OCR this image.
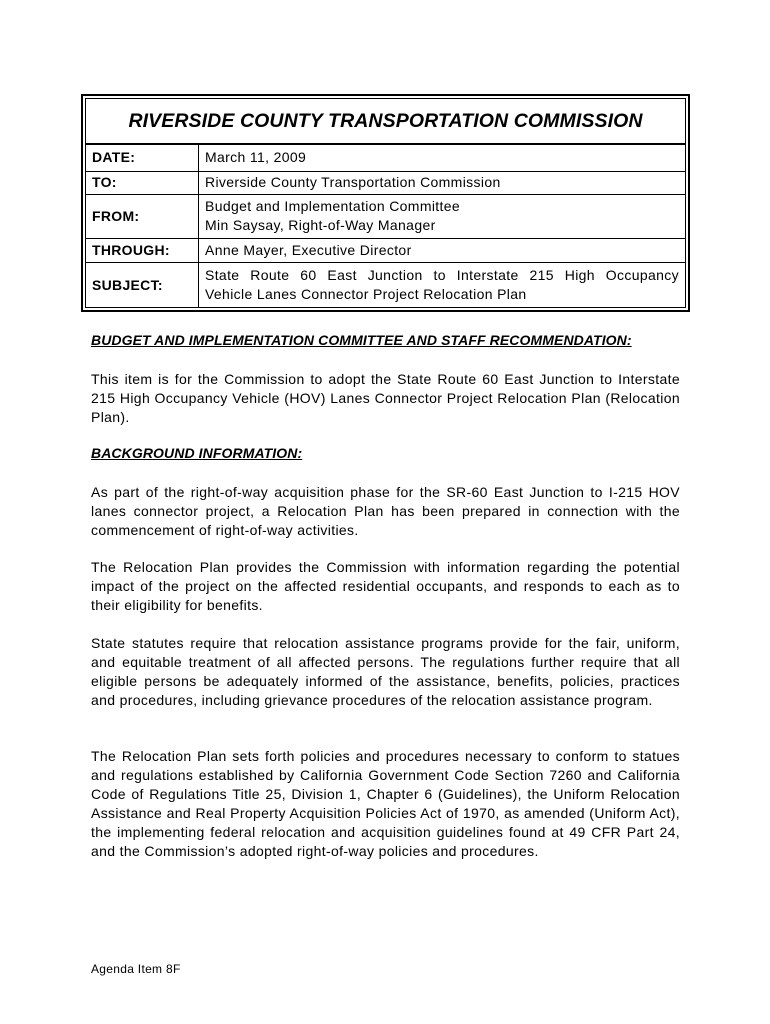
RIVERSIDE COUNTY TRANSPORTATION COMMISSION
DATE:	March 11, 2009
TO:	Riverside County Transportation Commission
FROM:	Budget and Implementation Committee
Min Saysay, Right-of-Way Manager

THROUGH:	Anne Mayer, Executive Director
SUBJECT:	State Route 60 East Junction to Interstate 215 High Occupancy
Vehicle Lanes Connector Project Relocation Plan
BUDGET AND IMPLEMENTATION COMMITTEE AND STAFF RECOMMENDATION:

This item is for the Commission to adopt the State Route 60 East Junction to Interstate 215 High Occupancy Vehicle (HOV) Lanes Connector Project Relocation Plan (Relocation Plan).

BACKGROUND INFORMATION:

As part of the right-of-way acquisition phase for the SR-60 East Junction to I-215 HOV lanes connector project, a Relocation Plan has been prepared in connection with the commencement of right-of-way activities.

The Relocation Plan provides the Commission with information regarding the potential impact of the project on the affected residential occupants, and responds to each as to their eligibility for benefits.

State statutes require that relocation assistance programs provide for the fair, uniform, and equitable treatment of all affected persons. The regulations further require that all eligible persons be adequately informed of the assistance, benefits, policies, practices and procedures, including grievance procedures of the relocation assistance program.

The Relocation Plan sets forth policies and procedures necessary to conform to statues and regulations established by California Government Code Section 7260 and California Code of Regulations Title 25, Division 1, Chapter 6 (Guidelines), the Uniform Relocation Assistance and Real Property Acquisition Policies Act of 1970, as amended (Uniform Act), the implementing federal relocation and acquisition guidelines found at 49 CFR Part 24, and the Commission’s adopted right-of-way policies and procedures.

Agenda Item 8F
